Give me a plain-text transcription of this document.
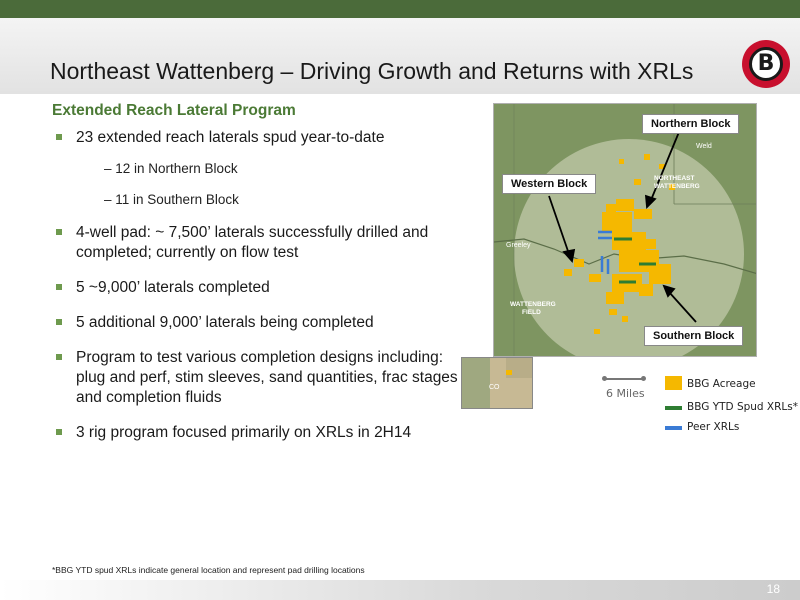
Northeast Wattenberg – Driving Growth and Returns with XRLs	B
Extended Reach Lateral Program
23 extended reach laterals spud year-to-date
– 12 in Northern Block
– 11 in Southern Block
4-well pad: ~ 7,500’ laterals successfully drilled and completed; currently on flow test
5 ~9,000’ laterals completed
5 additional 9,000’ laterals being completed
Program to test various completion designs including: plug and perf, stim sleeves, sand quantities, frac stages and completion fluids
3 rig program focused primarily on XRLs in 2H14
Weld
NORTHEAST
WATTENBERG
Greeley
WATTENBERG
FIELD
Northern Block
Western Block
Southern Block
CO	6 Miles
BBG Acreage
BBG YTD Spud XRLs*
Peer XRLs
*BBG YTD spud XRLs indicate general location and represent pad drilling locations
18
